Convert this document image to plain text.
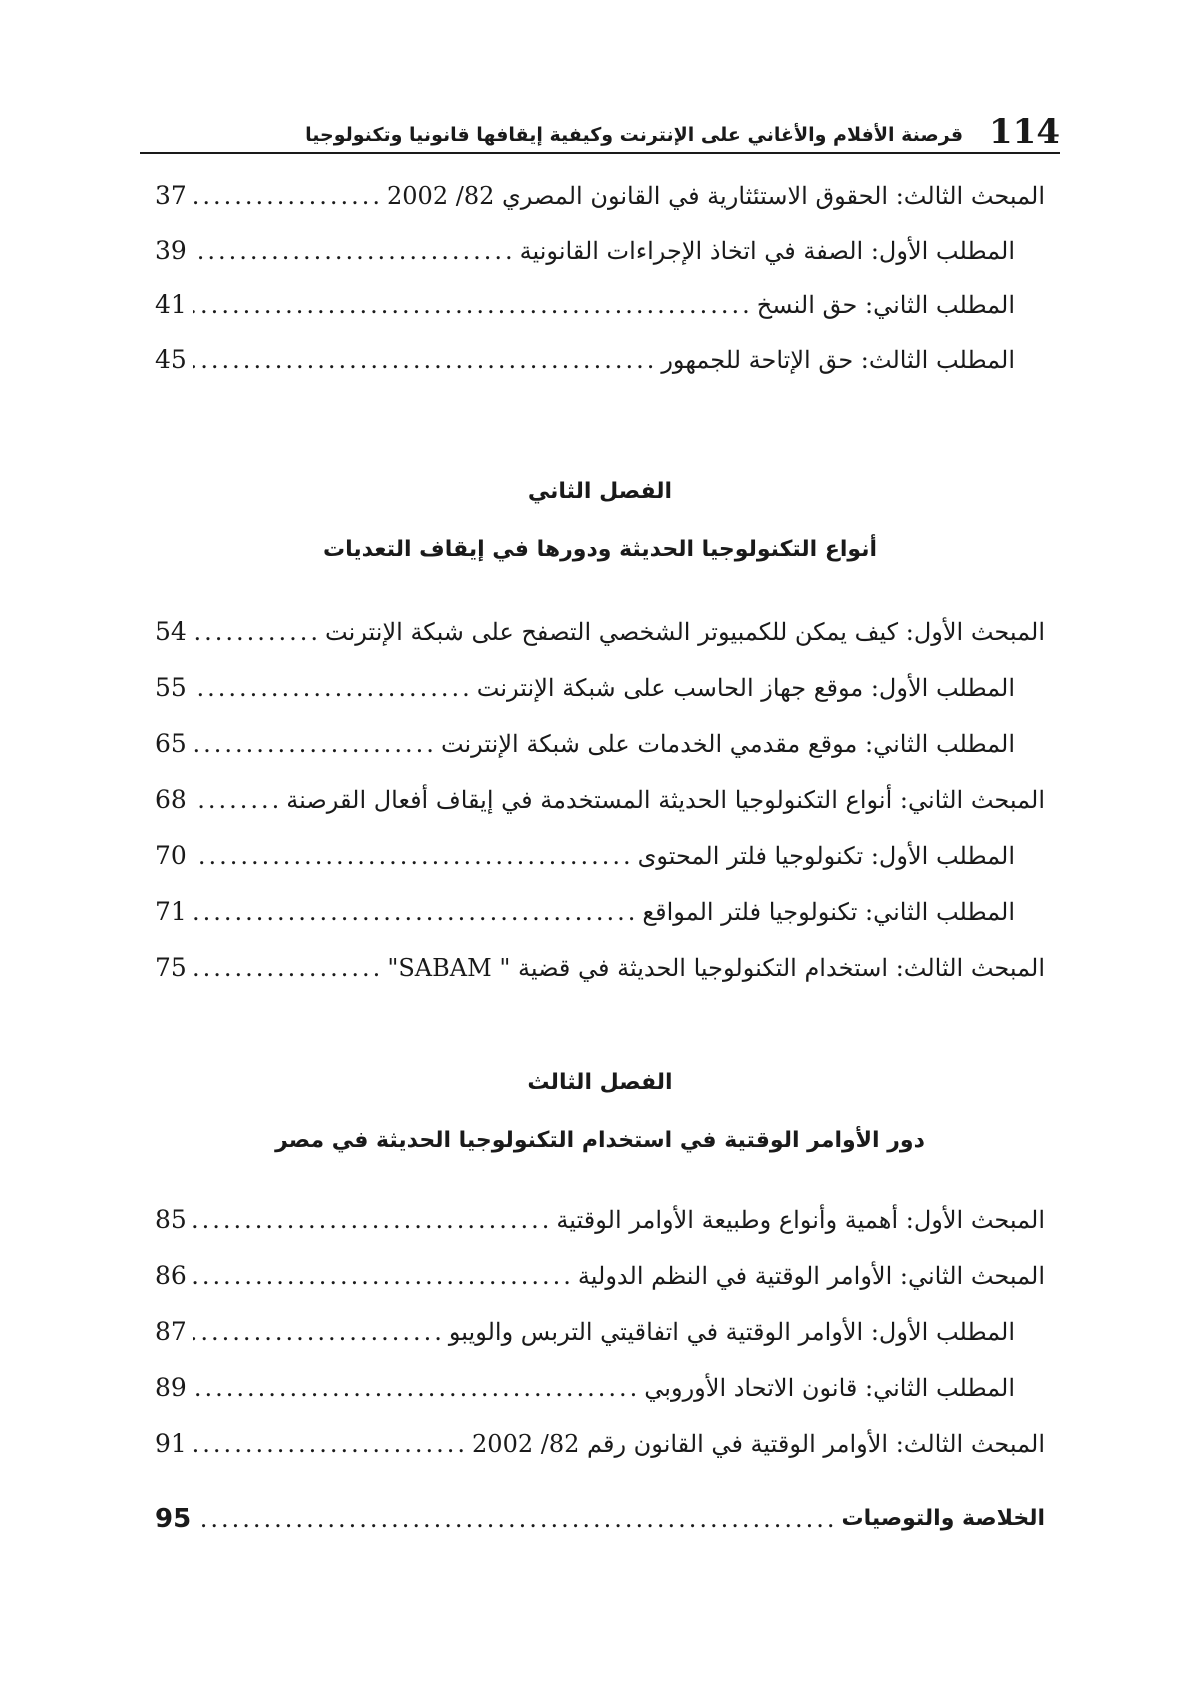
114
قرصنة الأفلام والأغاني على الإنترنت وكيفية إيقافها قانونيا وتكنولوجيا
المبحث الثالث: الحقوق الاستئثارية في القانون المصري 82/ 2002
.....
37
المطلب الأول: الصفة في اتخاذ الإجراءات القانونية
.....
39
المطلب الثاني: حق النسخ
.....
41
المطلب الثالث: حق الإتاحة للجمهور
.....
45
الفصل الثاني
أنواع التكنولوجيا الحديثة ودورها في إيقاف التعديات
المبحث الأول: كيف يمكن للكمبيوتر الشخصي التصفح على شبكة الإنترنت
.....
54
المطلب الأول: موقع جهاز الحاسب على شبكة الإنترنت
.....
55
المطلب الثاني: موقع مقدمي الخدمات على شبكة الإنترنت
.....
65
المبحث الثاني: أنواع التكنولوجيا الحديثة المستخدمة في إيقاف أفعال القرصنة
.....
68
المطلب الأول: تكنولوجيا فلتر المحتوى
.....
70
المطلب الثاني: تكنولوجيا فلتر المواقع
.....
71
المبحث الثالث: استخدام التكنولوجيا الحديثة في قضية " SABAM"
.....
75
الفصل الثالث
دور الأوامر الوقتية في استخدام التكنولوجيا الحديثة في مصر
المبحث الأول: أهمية وأنواع وطبيعة الأوامر الوقتية
.....
85
المبحث الثاني: الأوامر الوقتية في النظم الدولية
.....
86
المطلب الأول: الأوامر الوقتية في اتفاقيتي التربس والويبو
.....
87
المطلب الثاني: قانون الاتحاد الأوروبي
.....
89
المبحث الثالث: الأوامر الوقتية في القانون رقم 82/ 2002
.....
91
الخلاصة والتوصيات
.....
95
